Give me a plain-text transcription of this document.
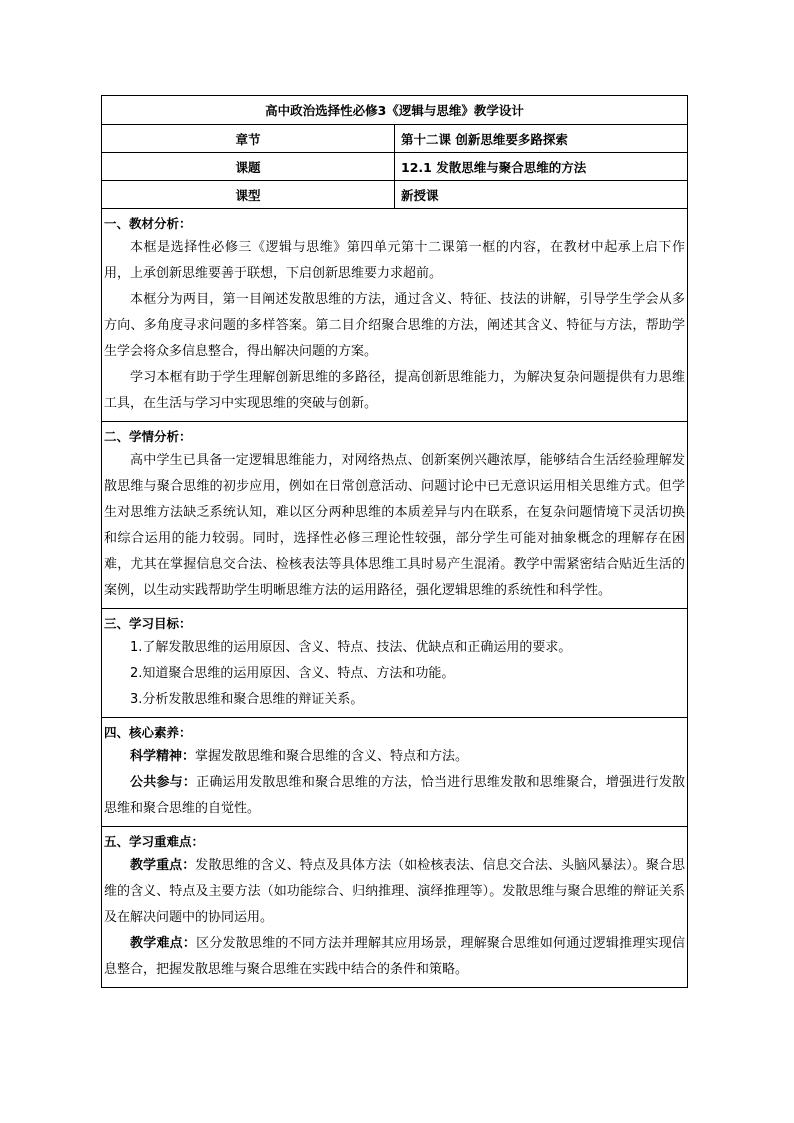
高中政治选择性必修3《逻辑与思维》教学设计	
章节	第十二课 创新思维要多路探索
课题	12.1 发散思维与聚合思维的方法
课型	新授课

一、教材分析：

本框是选择性必修三《逻辑与思维》第四单元第十二课第一框的内容，在教材中起承上启下作用，上承创新思维要善于联想，下启创新思维要力求超前。

本框分为两目，第一目阐述发散思维的方法，通过含义、特征、技法的讲解，引导学生学会从多方向、多角度寻求问题的多样答案。第二目介绍聚合思维的方法，阐述其含义、特征与方法，帮助学生学会将众多信息整合，得出解决问题的方案。

学习本框有助于学生理解创新思维的多路径，提高创新思维能力，为解决复杂问题提供有力思维工具，在生活与学习中实现思维的突破与创新。	

二、学情分析：

高中学生已具备一定逻辑思维能力，对网络热点、创新案例兴趣浓厚，能够结合生活经验理解发散思维与聚合思维的初步应用，例如在日常创意活动、问题讨论中已无意识运用相关思维方式。但学生对思维方法缺乏系统认知，难以区分两种思维的本质差异与内在联系，在复杂问题情境下灵活切换和综合运用的能力较弱。同时，选择性必修三理论性较强，部分学生可能对抽象概念的理解存在困难，尤其在掌握信息交合法、检核表法等具体思维工具时易产生混淆。教学中需紧密结合贴近生活的案例，以生动实践帮助学生明晰思维方法的运用路径，强化逻辑思维的系统性和科学性。	

三、学习目标：

1.了解发散思维的运用原因、含义、特点、技法、优缺点和正确运用的要求。

2.知道聚合思维的运用原因、含义、特点、方法和功能。

3.分析发散思维和聚合思维的辩证关系。	

四、核心素养：

科学精神：掌握发散思维和聚合思维的含义、特点和方法。

公共参与：正确运用发散思维和聚合思维的方法，恰当进行思维发散和思维聚合，增强进行发散思维和聚合思维的自觉性。	

五、学习重难点：

教学重点：发散思维的含义、特点及具体方法（如检核表法、信息交合法、头脑风暴法）。聚合思维的含义、特点及主要方法（如功能综合、归纳推理、演绎推理等）。发散思维与聚合思维的辩证关系及在解决问题中的协同运用。

教学难点：区分发散思维的不同方法并理解其应用场景，理解聚合思维如何通过逻辑推理实现信息整合，把握发散思维与聚合思维在实践中结合的条件和策略。	
